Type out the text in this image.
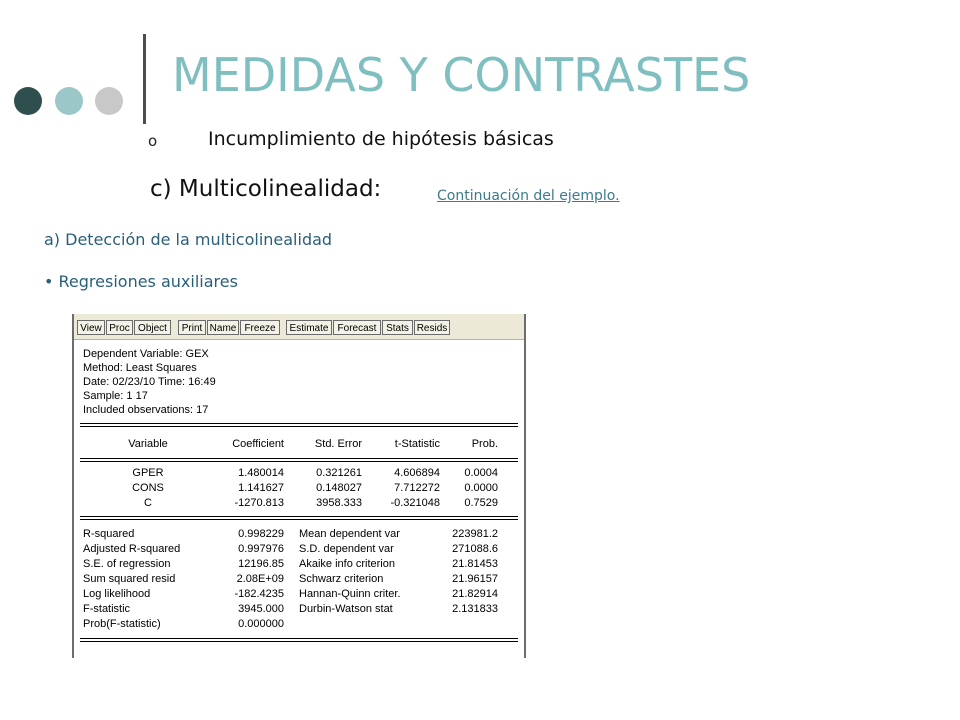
MEDIDAS Y CONTRASTES
o	Incumplimiento de hipótesis básicas
c) Multicolinealidad:	Continuación del ejemplo.
a) Detección de la multicolinealidad
• Regresiones auxiliares
View Proc Object	Print Name Freeze	Estimate Forecast Stats Resids
Dependent Variable: GEX
Method: Least Squares
Date: 02/23/10 Time: 16:49
Sample: 1 17
Included observations: 17
Variable	Coefficient	Std. Error	t-Statistic	Prob.
GPER	1.480014	0.321261	4.606894	0.0004
CONS	1.141627	0.148027	7.712272	0.0000
C	-1270.813	3958.333	-0.321048	0.7529
R-squared	0.998229 Mean dependent var	223981.2
Adjusted R-squared	0.997976 S.D. dependent var	271088.6
S.E. of regression	12196.85 Akaike info criterion	21.81453
Sum squared resid	2.08E+09 Schwarz criterion	21.96157
Log likelihood	-182.4235 Hannan-Quinn criter.	21.82914
F-statistic	3945.000 Durbin-Watson stat	2.131833
Prob(F-statistic)	0.000000
